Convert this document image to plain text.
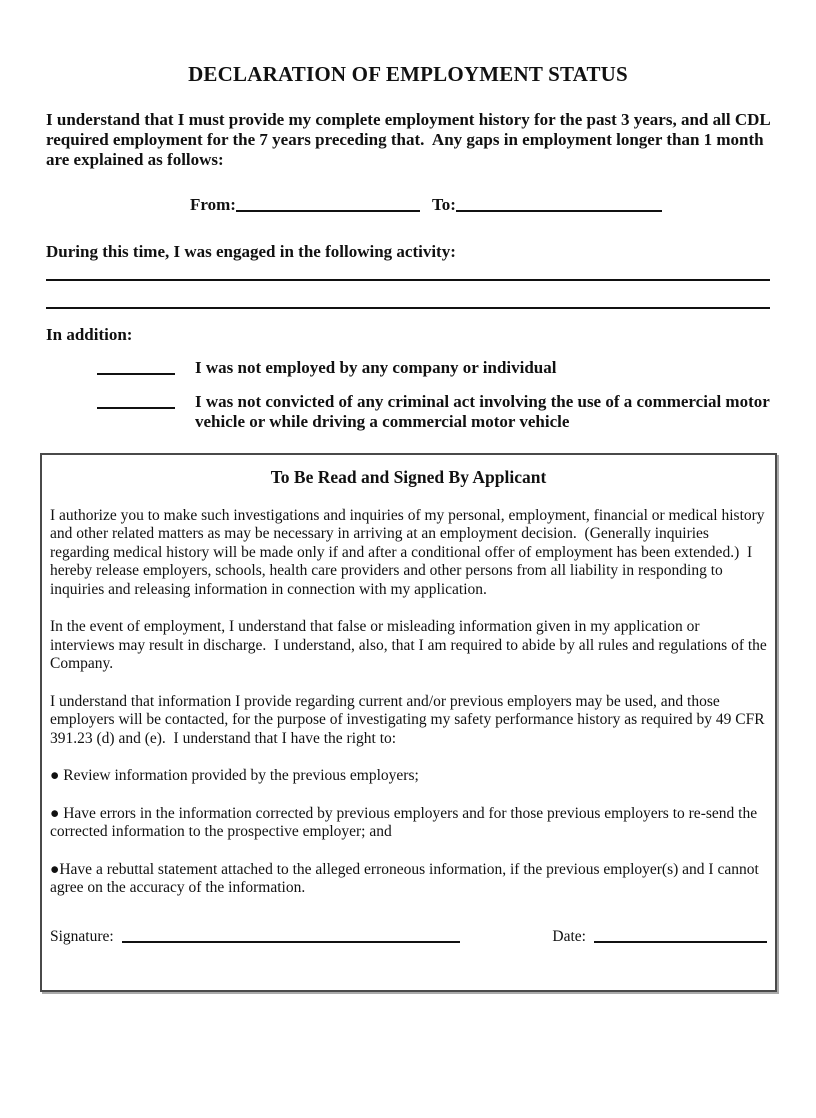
DECLARATION OF EMPLOYMENT STATUS
I understand that I must provide my complete employment history for the past 3 years, and all CDL required employment for the 7 years preceding that.  Any gaps in employment longer than 1 month are explained as follows:
From:	To:
During this time, I was engaged in the following activity:
In addition:
I was not employed by any company or individual
I was not convicted of any criminal act involving the use of a commercial motor vehicle or while driving a commercial motor vehicle
To Be Read and Signed By Applicant
I authorize you to make such investigations and inquiries of my personal, employment, financial or medical history and other related matters as may be necessary in arriving at an employment decision.  (Generally inquiries regarding medical history will be made only if and after a conditional offer of employment has been extended.)  I hereby release employers, schools, health care providers and other persons from all liability in responding to inquiries and releasing information in connection with my application.
In the event of employment, I understand that false or misleading information given in my application or interviews may result in discharge.  I understand, also, that I am required to abide by all rules and regulations of the Company.
I understand that information I provide regarding current and/or previous employers may be used, and those employers will be contacted, for the purpose of investigating my safety performance history as required by 49 CFR 391.23 (d) and (e).  I understand that I have the right to:
● Review information provided by the previous employers;
● Have errors in the information corrected by previous employers and for those previous employers to re-send the corrected information to the prospective employer; and
●Have a rebuttal statement attached to the alleged erroneous information, if the previous employer(s) and I cannot agree on the accuracy of the information.
Signature:	Date:
